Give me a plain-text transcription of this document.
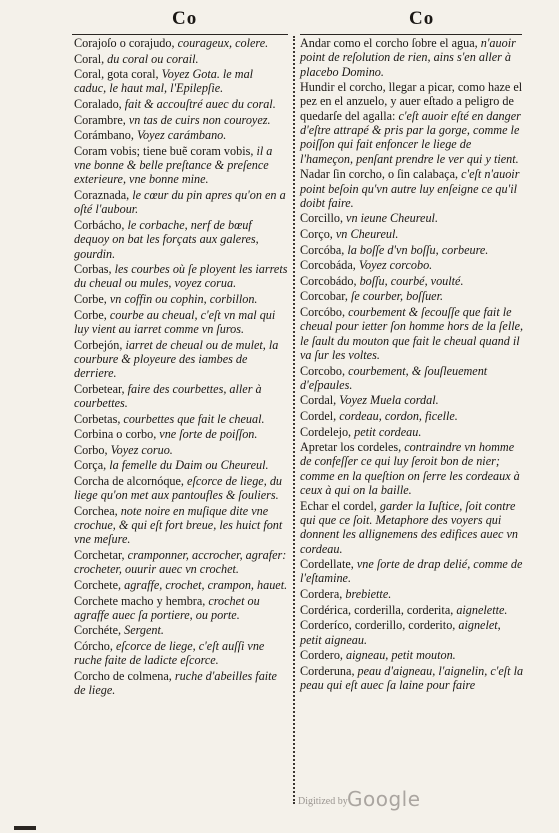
Co	Co
Corajoſo o corajudo, courageux, colere.
Coral, du coral ou corail.
Coral, gota coral, Voyez Gota. le mal caduc, le haut mal, l'Epilepſie.
Coralado, fait & accouſtré auec du coral.
Corambre, vn tas de cuirs non couroyez.
Corámbano, Voyez carámbano.
Coram vobis; tiene buẽ coram vobis, il a vne bonne & belle preſtance & preſence exterieure, vne bonne mine.
Coraznada, le cœur du pin apres qu'on en a oſté l'aubour.
Corbácho, le corbache, nerf de bœuf dequoy on bat les forçats aux galeres, gourdin.
Corbas, les courbes où ſe ployent les iarrets du cheual ou mules, voyez corua.
Corbe, vn coffin ou cophin, corbillon.
Corbe, courbe au cheual, c'eſt vn mal qui luy vient au iarret comme vn ſuros.
Corbejón, iarret de cheual ou de mulet, la courbure & ployeure des iambes de derriere.
Corbetear, faire des courbettes, aller à courbettes.
Corbetas, courbettes que fait le cheual.
Corbina o corbo, vne ſorte de poiſſon.
Corbo, Voyez coruo.
Corça, la femelle du Daim ou Cheureul.
Corcha de alcornóque, eſcorce de liege, du liege qu'on met aux pantoufles & ſouliers.
Corchea, note noire en muſique dite vne crochue, & qui eſt fort breue, les huict font vne meſure.
Corchetar, cramponner, accrocher, agrafer: crocheter, ouurir auec vn crochet.
Corchete, agraffe, crochet, crampon, hauet.
Corchete macho y hembra, crochet ou agraffe auec ſa portiere, ou porte.
Corchéte, Sergent.
Córcho, eſcorce de liege, c'eſt auſſi vne ruche faite de ladicte eſcorce.
Corcho de colmena, ruche d'abeilles faite de liege.
Andar como el corcho ſobre el agua, n'auoir point de reſolution de rien, ains s'en aller à placebo Domino.
Hundir el corcho, llegar a picar, como haze el pez en el anzuelo, y auer eſtado a peligro de quedarſe del agalla: c'eſt auoir eſté en danger d'eſtre attrapé & pris par la gorge, comme le poiſſon qui fait enfoncer le liege de l'hameçon, penſant prendre le ver qui y tient.
Nadar ſin corcho, o ſin calabaça, c'eſt n'auoir point beſoin qu'vn autre luy enſeigne ce qu'il doibt faire.
Corcillo, vn ieune Cheureul.
Corço, vn Cheureul.
Corcóba, la boſſe d'vn boſſu, corbeure.
Corcobáda, Voyez corcobo.
Corcobádo, boſſu, courbé, voulté.
Corcobar, ſe courber, boſſuer.
Corcóbo, courbement & ſecouſſe que fait le cheual pour ietter ſon homme hors de la ſelle, le ſault du mouton que fait le cheual quand il va ſur les voltes.
Corcobo, courbement, & ſouſleuement d'eſpaules.
Cordal, Voyez Muela cordal.
Cordel, cordeau, cordon, ficelle.
Cordelejo, petit cordeau.
Apretar los cordeles, contraindre vn homme de confeſſer ce qui luy ſeroit bon de nier; comme en la queſtion on ſerre les cordeaux à ceux à qui on la baille.
Echar el cordel, garder la Iuſtice, ſoit contre qui que ce ſoit. Metaphore des voyers qui donnent les allignemens des edifices auec vn cordeau.
Cordellate, vne ſorte de drap delié, comme de l'eſtamine.
Cordera, brebiette.
Cordérica, corderilla, corderita, aignelette.
Corderíco, corderillo, corderito, aignelet, petit aigneau.
Cordero, aigneau, petit mouton.
Corderuna, peau d'aigneau, l'aignelin, c'eſt la peau qui eſt auec ſa laine pour faire
Digitized by Google
